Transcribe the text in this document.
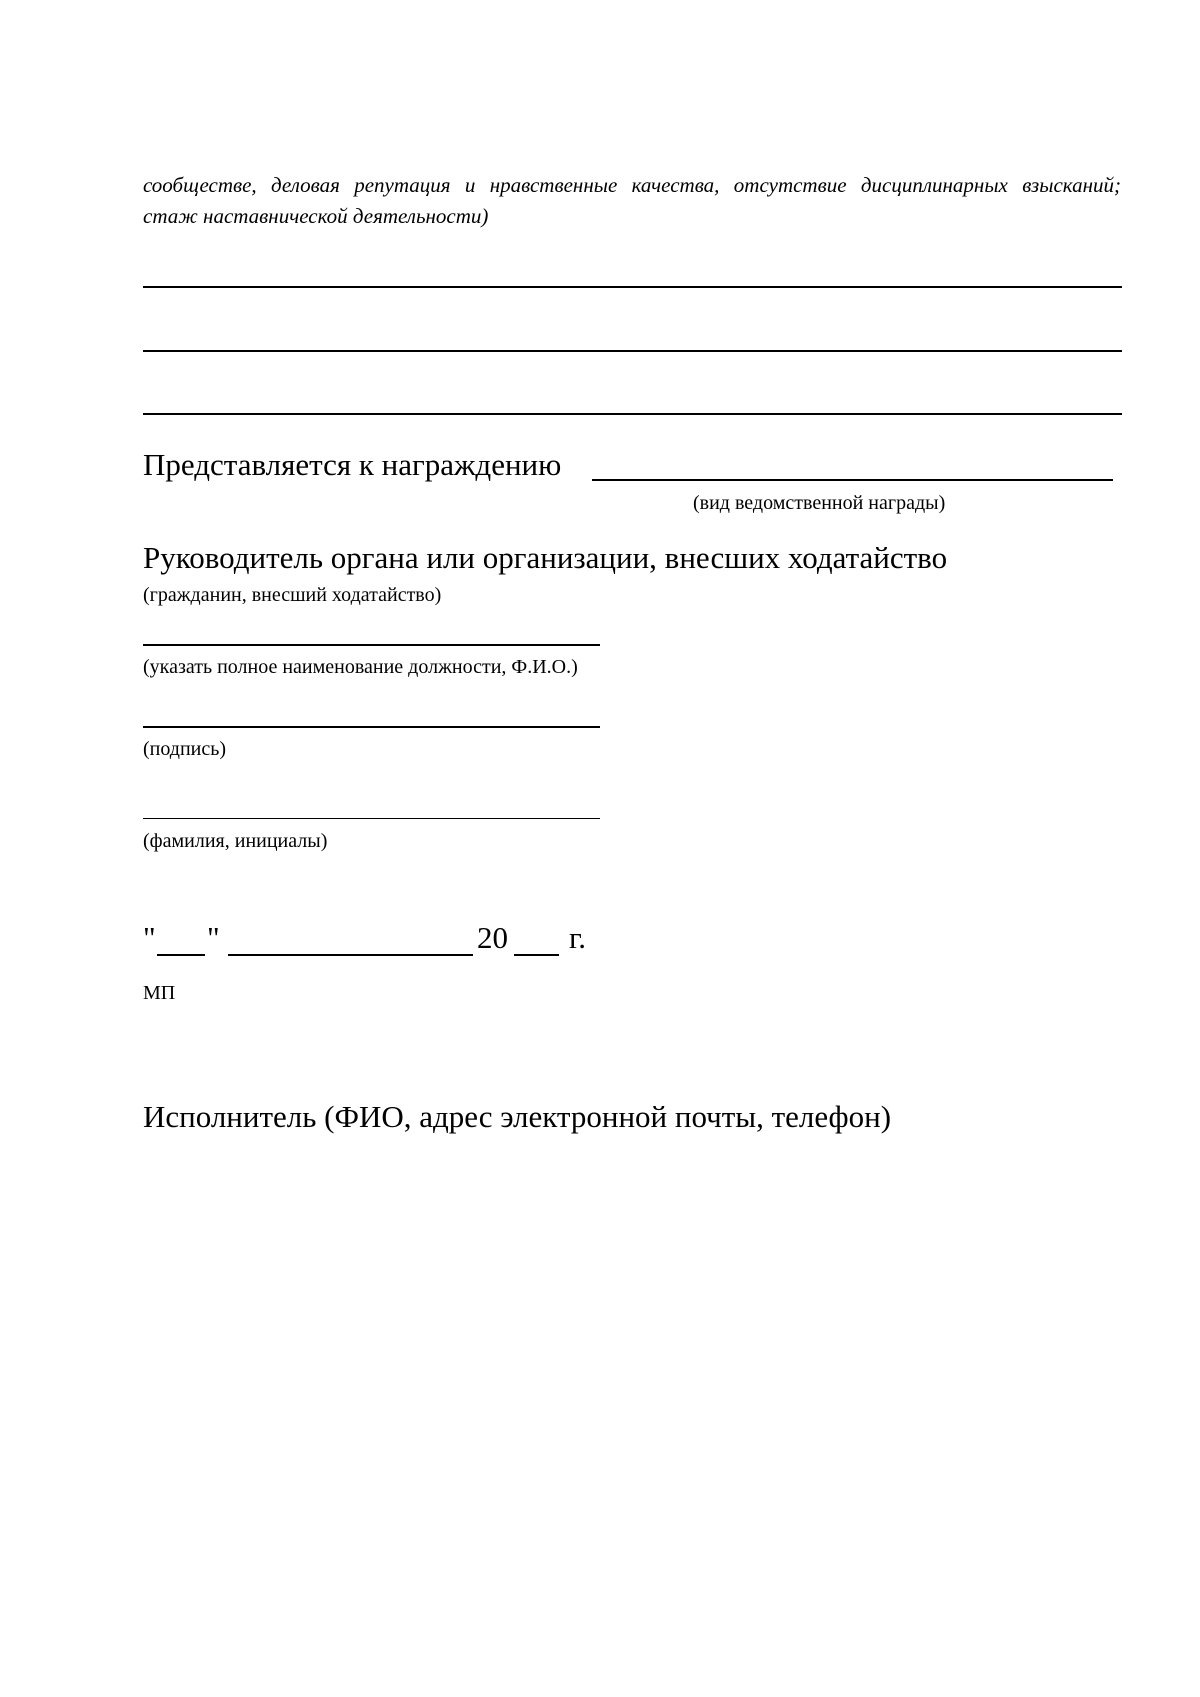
сообществе, деловая репутация и нравственные качества, отсутствие дисциплинарных взысканий;
стаж наставнической деятельности)
Представляется к награждению
(вид ведомственной награды)
Руководитель органа или организации, внесших ходатайство
(гражданин, внесший ходатайство)
(указать полное наименование должности, Ф.И.О.)
(подпись)
(фамилия, инициалы)
" "	20 г.
МП
Исполнитель (ФИО, адрес электронной почты, телефон)
